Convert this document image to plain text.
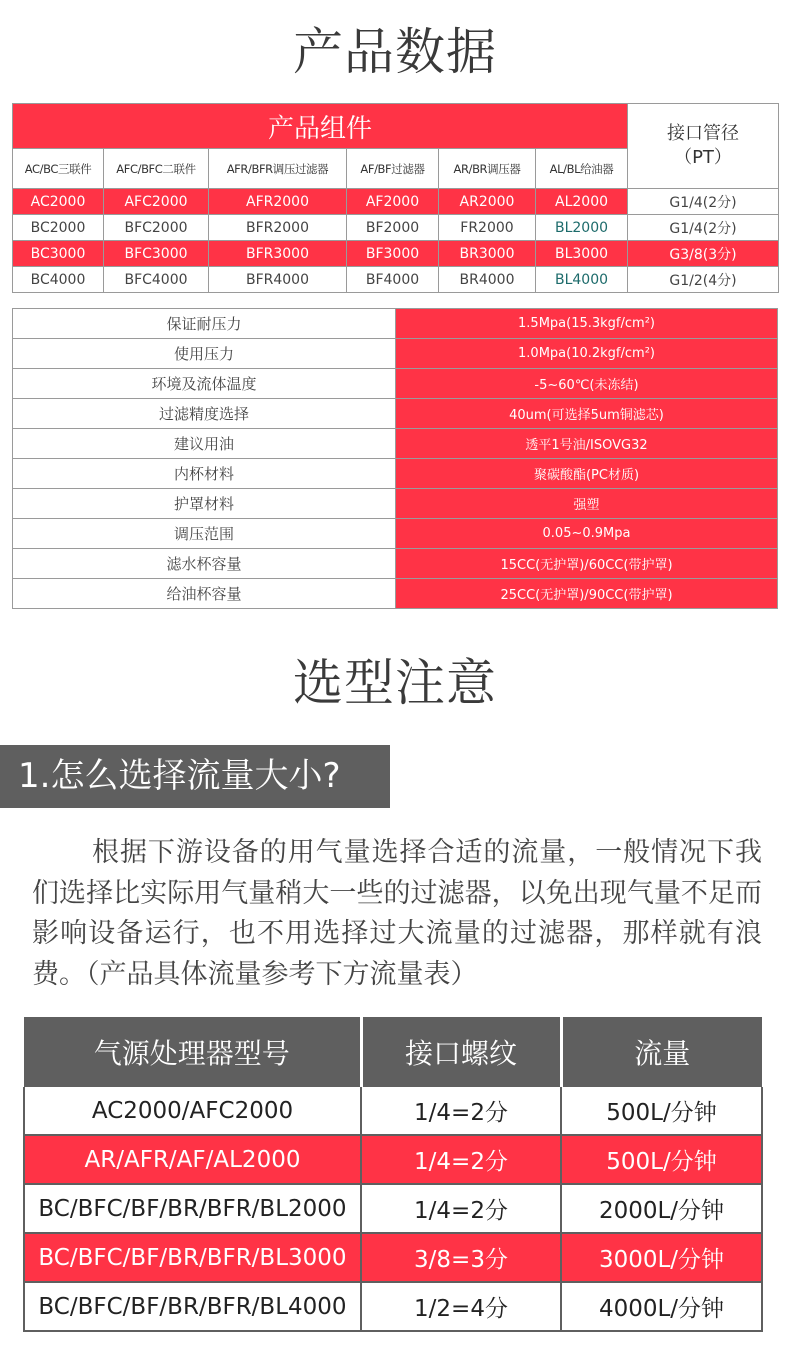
产品数据
产品组件						接口管径
（PT）

AC/BC三联件	AFC/BFC二联件	AFR/BFR调压过滤器	AF/BF过滤器	AR/BR调压器	AL/BL给油器	
AC2000	AFC2000	AFR2000	AF2000	AR2000	AL2000	G1/4(2分)
BC2000	BFC2000	BFR2000	BF2000	FR2000	BL2000	G1/4(2分)
BC3000	BFC3000	BFR3000	BF3000	BR3000	BL3000	G3/8(3分)
BC4000	BFC4000	BFR4000	BF4000	BR4000	BL4000	G1/2(4分)
保证耐压力	1.5Mpa(15.3kgf/cm²)
使用压力	1.0Mpa(10.2kgf/cm²)
环境及流体温度	-5~60℃(未冻结)
过滤精度选择	40um(可选择5um铜滤芯)
建议用油	透平1号油/ISOVG32
内杯材料	聚碳酸酯(PC材质)
护罩材料	强塑
调压范围	0.05~0.9Mpa
滤水杯容量	15CC(无护罩)/60CC(带护罩)
给油杯容量	25CC(无护罩)/90CC(带护罩)
选型注意
1.怎么选择流量大小?

根据下游设备的用气量选择合适的流量，一般情况下我们选择比实际用气量稍大一些的过滤器，以免出现气量不足而影响设备运行，也不用选择过大流量的过滤器，那样就有浪费。（产品具体流量参考下方流量表）

气源处理器型号	接口螺纹	流量
AC2000/AFC2000	1/4=2分	500L/分钟
AR/AFR/AF/AL2000	1/4=2分	500L/分钟
BC/BFC/BF/BR/BFR/BL2000	1/4=2分	2000L/分钟
BC/BFC/BF/BR/BFR/BL3000	3/8=3分	3000L/分钟
BC/BFC/BF/BR/BFR/BL4000	1/2=4分	4000L/分钟
